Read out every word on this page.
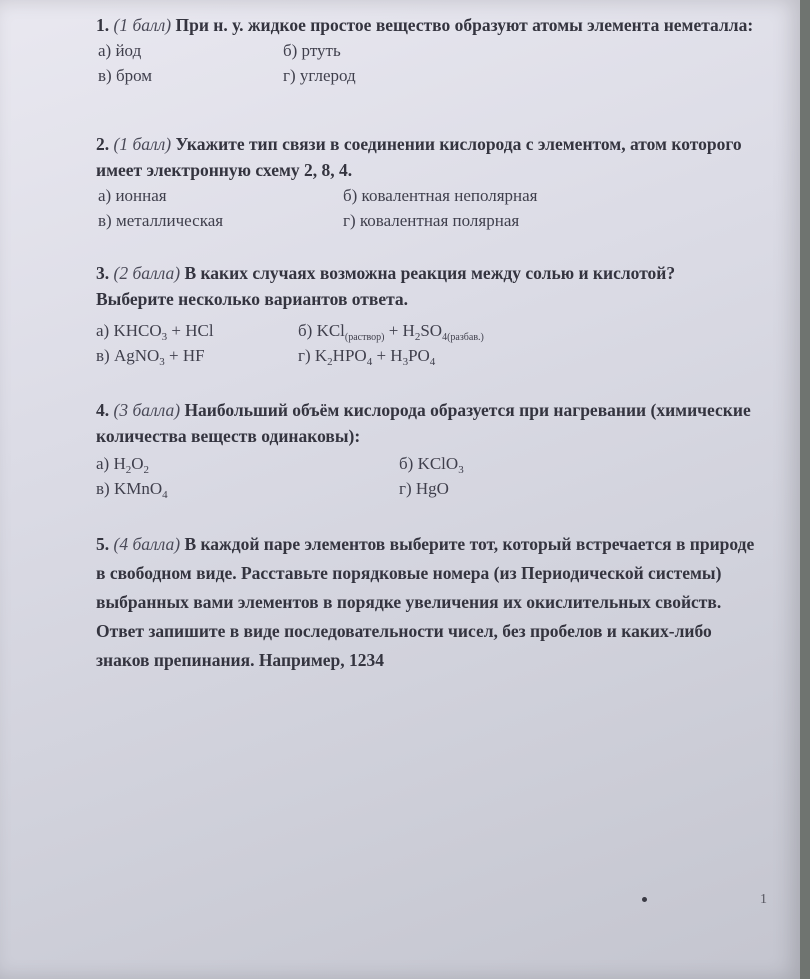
1. (1 балл) При н. у. жидкое простое вещество образуют атомы элемента неметалла:
а) йод	б) ртуть
в) бром	г) углерод
2. (1 балл) Укажите тип связи в соединении кислорода с элементом, атом которого имеет электронную схему 2, 8, 4.
а) ионная	б) ковалентная неполярная
в) металлическая	г) ковалентная полярная
3. (2 балла) В каких случаях возможна реакция между солью и кислотой? Выберите несколько вариантов ответа.
а) $KHCO_3$ + HCl	б) $KCl_{(раствор)} + H_2SO_{4(разбав.)}$
в) AgNO$_3$ + HF	г) $K_2HPO_4 + H_3PO_4$
4. (3 балла) Наибольший объём кислорода образуется при нагревании (химические количества веществ одинаковы):
а) $H_2O_2$	б) KClO$_3$
в) KMnO$_4$	г) HgO
5. (4 балла) В каждой паре элементов выберите тот, который встречается в природе в свободном виде. Расставьте порядковые номера (из Периодической системы) выбранных вами элементов в порядке увеличения их окислительных свойств. Ответ запишите в виде последовательности чисел, без пробелов и каких-либо знаков препинания. Например, 1234
1
